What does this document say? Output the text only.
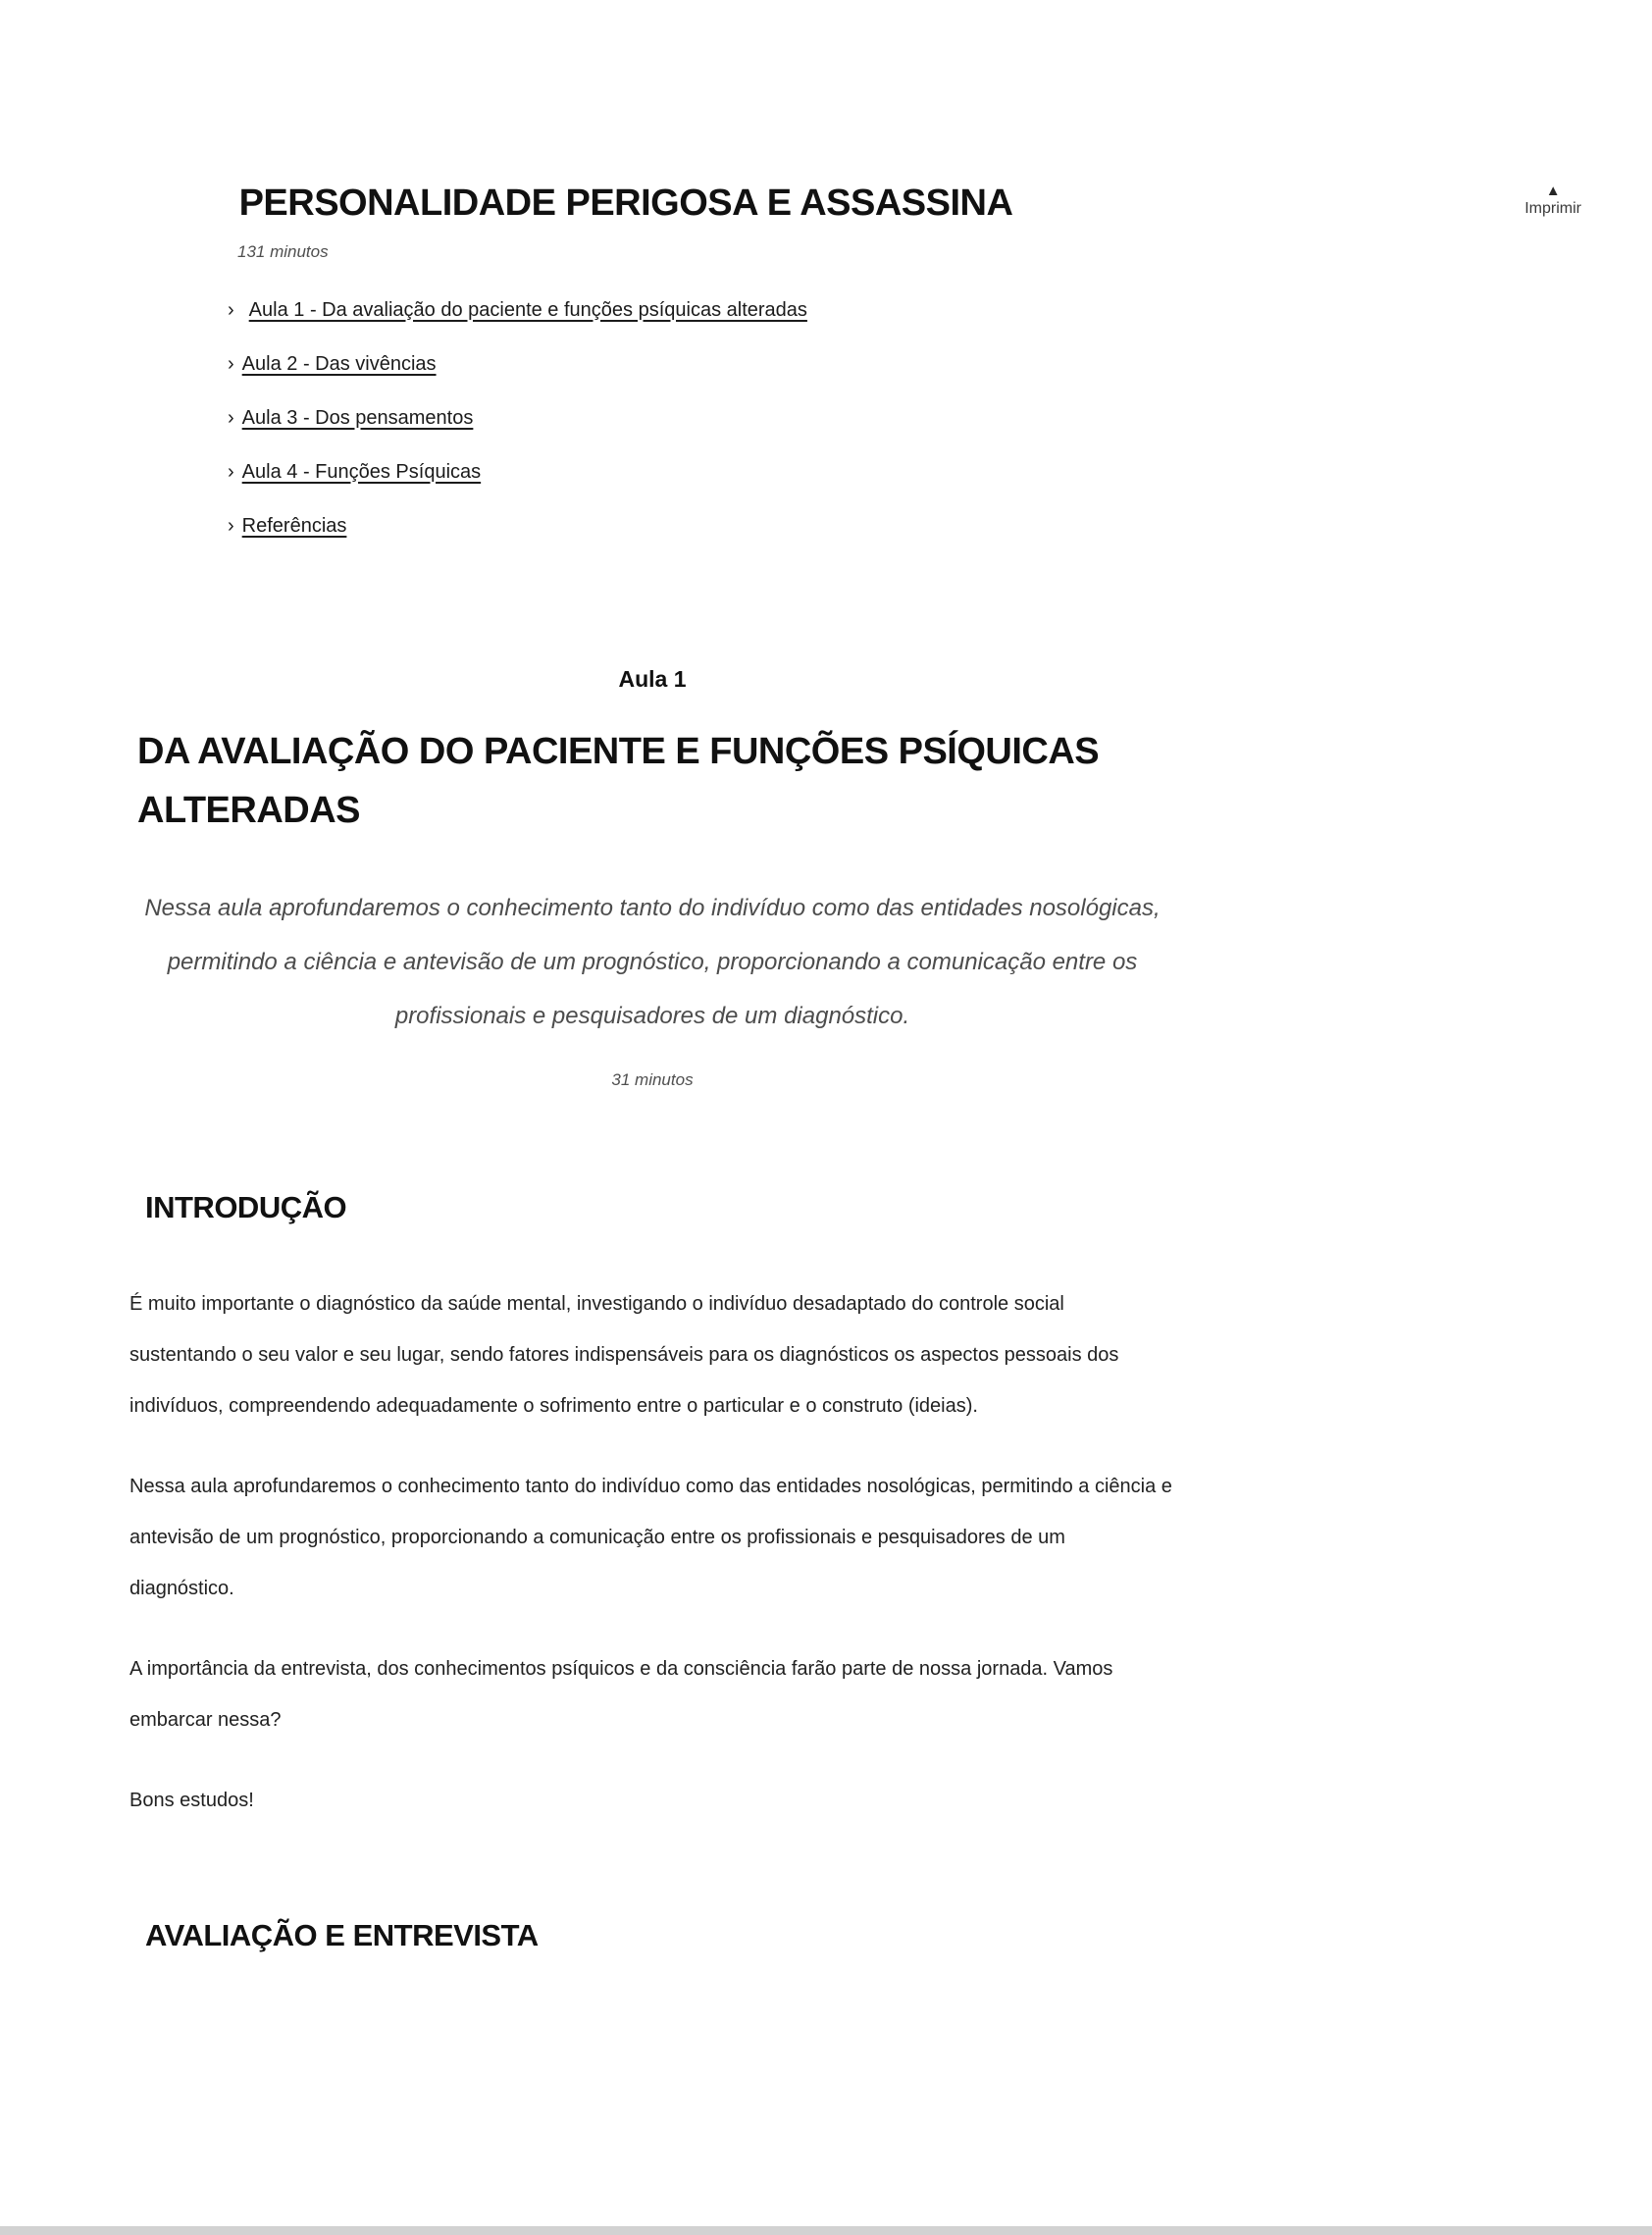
▲
Imprimir
PERSONALIDADE PERIGOSA E ASSASSINA
131 minutos
› Aula 1 - Da avaliação do paciente e funções psíquicas alteradas
› Aula 2 - Das vivências
› Aula 3 - Dos pensamentos
› Aula 4 - Funções Psíquicas
› Referências
Aula 1
DA AVALIAÇÃO DO PACIENTE E FUNÇÕES PSÍQUICAS ALTERADAS

Nessa aula aprofundaremos o conhecimento tanto do indivíduo como das entidades nosológicas, permitindo a ciência e antevisão de um prognóstico, proporcionando a comunicação entre os profissionais e pesquisadores de um diagnóstico.

31 minutos
INTRODUÇÃO

É muito importante o diagnóstico da saúde mental, investigando o indivíduo desadaptado do controle social sustentando o seu valor e seu lugar, sendo fatores indispensáveis para os diagnósticos os aspectos pessoais dos indivíduos, compreendendo adequadamente o sofrimento entre o particular e o construto (ideias).

Nessa aula aprofundaremos o conhecimento tanto do indivíduo como das entidades nosológicas, permitindo a ciência e antevisão de um prognóstico, proporcionando a comunicação entre os profissionais e pesquisadores de um diagnóstico.

A importância da entrevista, dos conhecimentos psíquicos e da consciência farão parte de nossa jornada. Vamos embarcar nessa?

Bons estudos!

AVALIAÇÃO E ENTREVISTA
